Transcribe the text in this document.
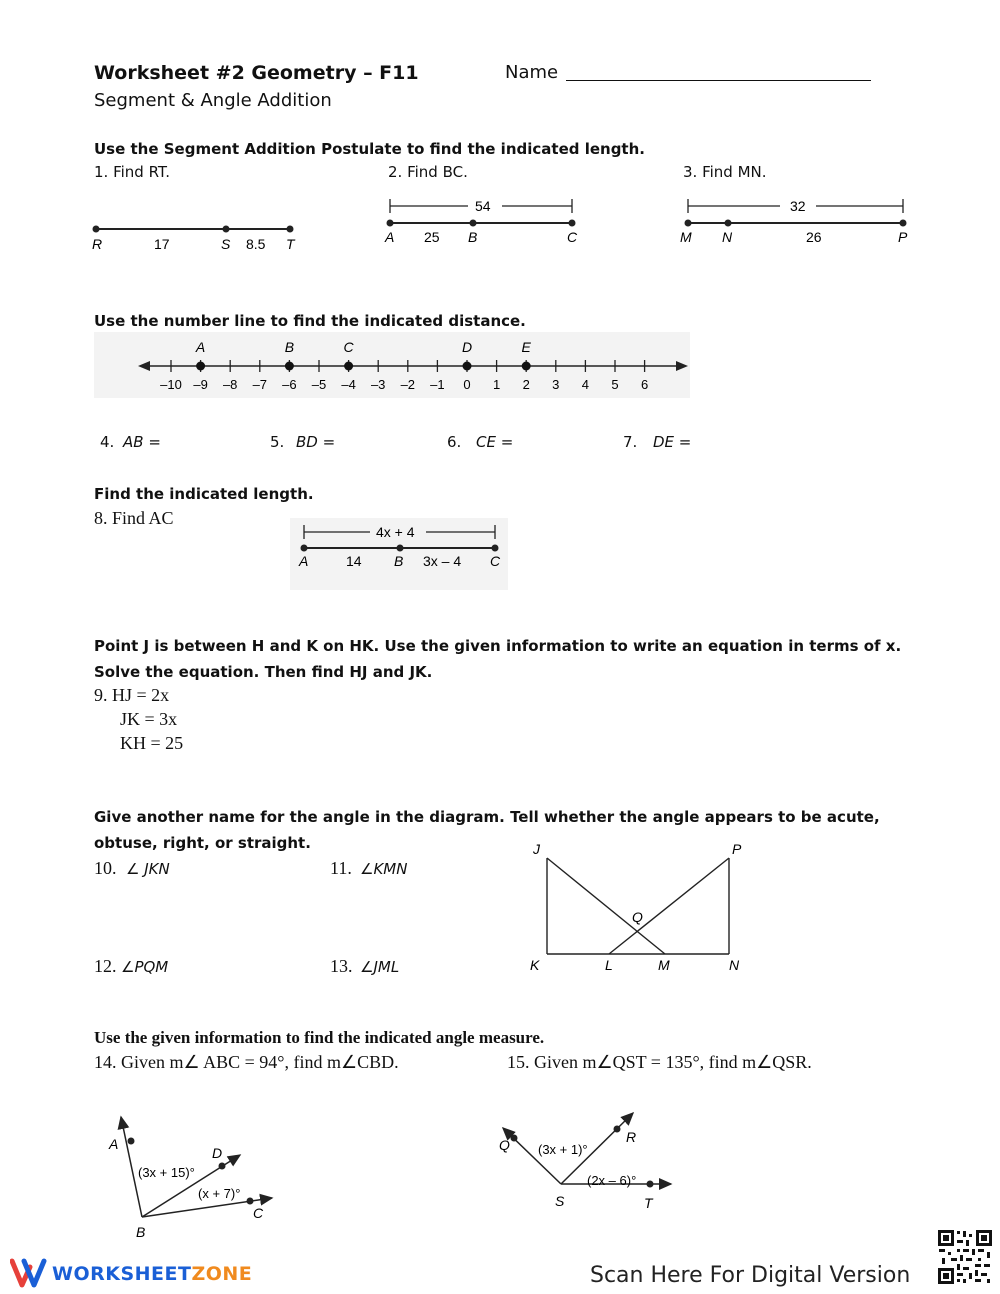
Worksheet #2 Geometry – F11
Segment & Angle Addition
Name
Use the Segment Addition Postulate to find the indicated length.
1. Find RT.	2. Find BC.	3. Find MN.
R	17	S 8.5 T
54
A 25 B	C
32
M N	26	P
Use the number line to find the indicated distance.
–10 –9 –8 –7 –6 –5 –4 –3 –2 –1 0 1 2 3 4 5 6
A	B	C	D	E
4. AB =	5. BD =	6. CE =	7. DE =
Find the indicated length.
8. Find AC
4x + 4
A	14 B 3x – 4 C
Point J is between H and K on HK. Use the given information to write an equation in terms of x.
Solve the equation. Then find HJ and JK.
9. HJ = 2x
JK = 3x
KH = 25
Give another name for the angle in the diagram. Tell whether the angle appears to be acute,
obtuse, right, or straight.
10. ∠ JKN	11. ∠KMN
12. ∠PQM	13. ∠JML
J	P
Q
K	L	M	N
Use the given information to find the indicated angle measure.
14. Given m∠ ABC = 94°, find m∠CBD.	15. Given m∠QST = 135°, find m∠QSR.
A
D
(3x + 15)°
(x + 7)°
C
B
Q (3x + 1)°
R
(2x – 6)°
S	T
WORKSHEETZONE	Scan Here For Digital Version
